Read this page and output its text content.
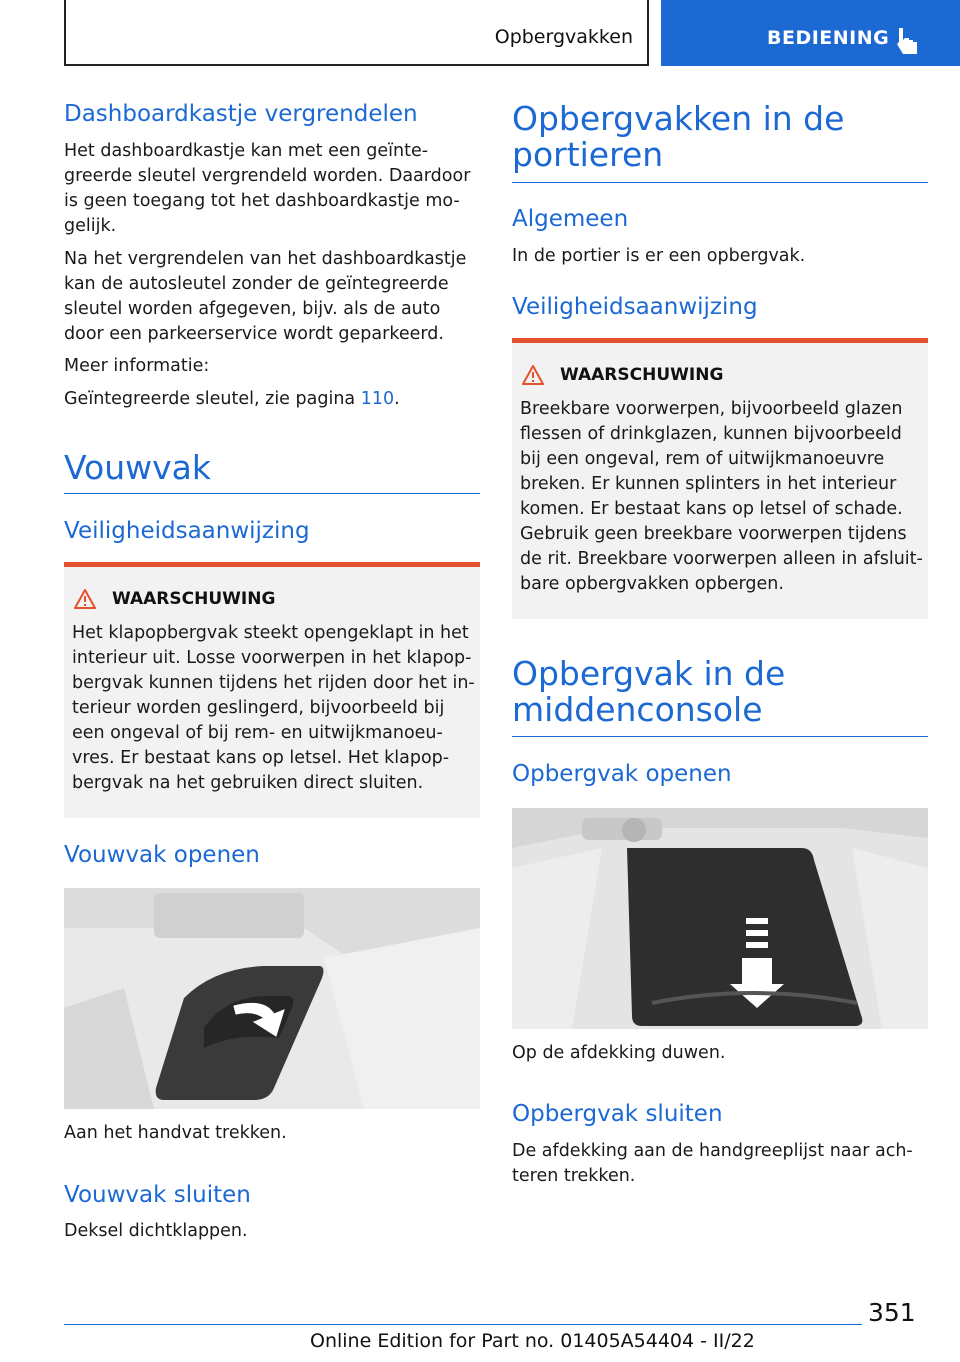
Opbergvakken	BEDIENING
Dashboardkastje vergrendelen
Het dashboardkastje kan met een geïnte-greerde sleutel vergrendeld worden. Daardoor is geen toegang tot het dashboardkastje mo-gelijk.
Na het vergrendelen van het dashboardkastje kan de autosleutel zonder de geïntegreerde sleutel worden afgegeven, bijv. als de auto door een parkeerservice wordt geparkeerd.
Meer informatie:
Geïntegreerde sleutel, zie pagina 110.
Vouwvak
Veiligheidsaanwijzing
WAARSCHUWING
Het klapopbergvak steekt opengeklapt in het interieur uit. Losse voorwerpen in het klapop-bergvak kunnen tijdens het rijden door het in-terieur worden geslingerd, bijvoorbeeld bij een ongeval of bij rem- en uitwijkmanoeu-vres. Er bestaat kans op letsel. Het klapop-bergvak na het gebruiken direct sluiten.
Vouwvak openen
Aan het handvat trekken.
Vouwvak sluiten
Deksel dichtklappen.
Opbergvakken in de portieren
Algemeen
In de portier is er een opbergvak.
Veiligheidsaanwijzing
WAARSCHUWING
Breekbare voorwerpen, bijvoorbeeld glazen flessen of drinkglazen, kunnen bijvoorbeeld bij een ongeval, rem of uitwijkmanoeuvre breken. Er kunnen splinters in het interieur komen. Er bestaat kans op letsel of schade. Gebruik geen breekbare voorwerpen tijdens de rit. Breekbare voorwerpen alleen in afsluit-bare opbergvakken opbergen.
Opbergvak in de middenconsole
Opbergvak openen
Op de afdekking duwen.
Opbergvak sluiten
De afdekking aan de handgreeplijst naar ach-teren trekken.
351
Online Edition for Part no. 01405A54404 - II/22
